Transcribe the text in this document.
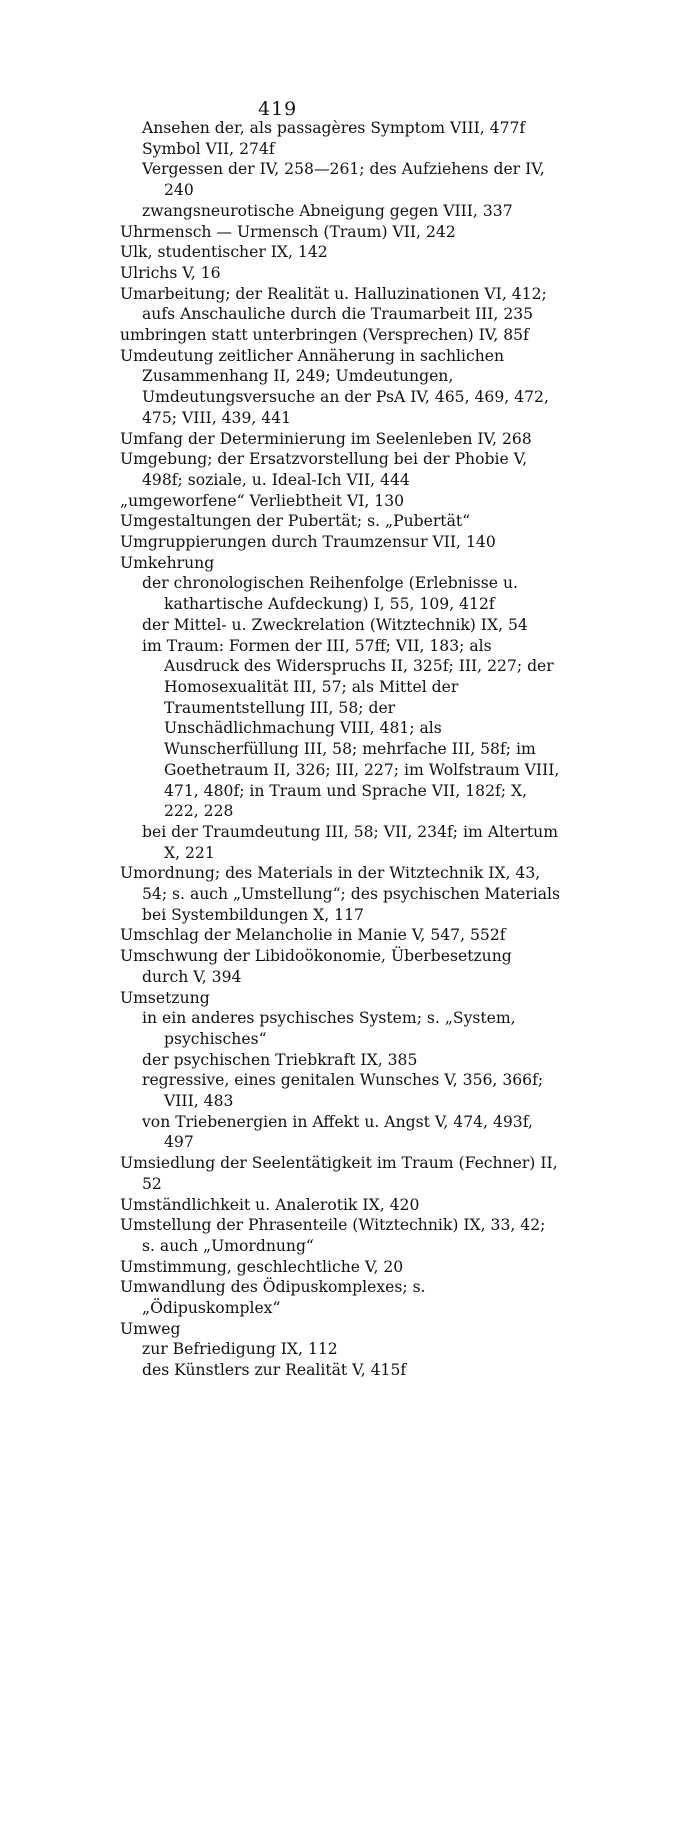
419

Ansehen der, als passagères Symptom VIII, 477f

Symbol VII, 274f

Vergessen der IV, 258—261; des Aufziehens der IV, 240

zwangsneurotische Abneigung gegen VIII, 337

Uhrmensch — Urmensch (Traum) VII, 242

Ulk, studentischer IX, 142

Ulrichs V, 16

Umarbeitung; der Realität u. Halluzinationen VI, 412; aufs Anschauliche durch die Traumarbeit III, 235

umbringen statt unterbringen (Versprechen) IV, 85f

Umdeutung zeitlicher Annäherung in sachlichen Zusammenhang II, 249; Umdeutungen, Umdeutungsversuche an der PsA IV, 465, 469, 472, 475; VIII, 439, 441

Umfang der Determinierung im Seelenleben IV, 268

Umgebung; der Ersatzvorstellung bei der Phobie V, 498f; soziale, u. Ideal-Ich VII, 444

„umgeworfene“ Verliebtheit VI, 130

Umgestaltungen der Pubertät; s. „Pubertät“

Umgruppierungen durch Traumzensur VII, 140

Umkehrung

der chronologischen Reihenfolge (Erlebnisse u. kathartische Aufdeckung) I, 55, 109, 412f

der Mittel- u. Zweckrelation (Witztechnik) IX, 54

im Traum: Formen der III, 57ff; VII, 183; als Ausdruck des Widerspruchs II, 325f; III, 227; der Homosexualität III, 57; als Mittel der Traumentstellung III, 58; der Unschädlichmachung VIII, 481; als Wunscherfüllung III, 58; mehrfache III, 58f; im Goethetraum II, 326; III, 227; im Wolfstraum VIII, 471, 480f; in Traum und Sprache VII, 182f; X, 222, 228

bei der Traumdeutung III, 58; VII, 234f; im Altertum X, 221

Umordnung; des Materials in der Witztechnik IX, 43, 54; s. auch „Umstellung“; des psychischen Materials bei Systembildungen X, 117

Umschlag der Melancholie in Manie V, 547, 552f

Umschwung der Libidoökonomie, Überbesetzung durch V, 394

Umsetzung

in ein anderes psychisches System; s. „System, psychisches“

der psychischen Triebkraft IX, 385

regressive, eines genitalen Wunsches V, 356, 366f; VIII, 483

von Triebenergien in Affekt u. Angst V, 474, 493f, 497

Umsiedlung der Seelentätigkeit im Traum (Fechner) II, 52

Umständlichkeit u. Analerotik IX, 420

Umstellung der Phrasenteile (Witztechnik) IX, 33, 42; s. auch „Umordnung“

Umstimmung, geschlechtliche V, 20

Umwandlung des Ödipuskomplexes; s. „Ödipuskomplex“

Umweg

zur Befriedigung IX, 112

des Künstlers zur Realität V, 415f
